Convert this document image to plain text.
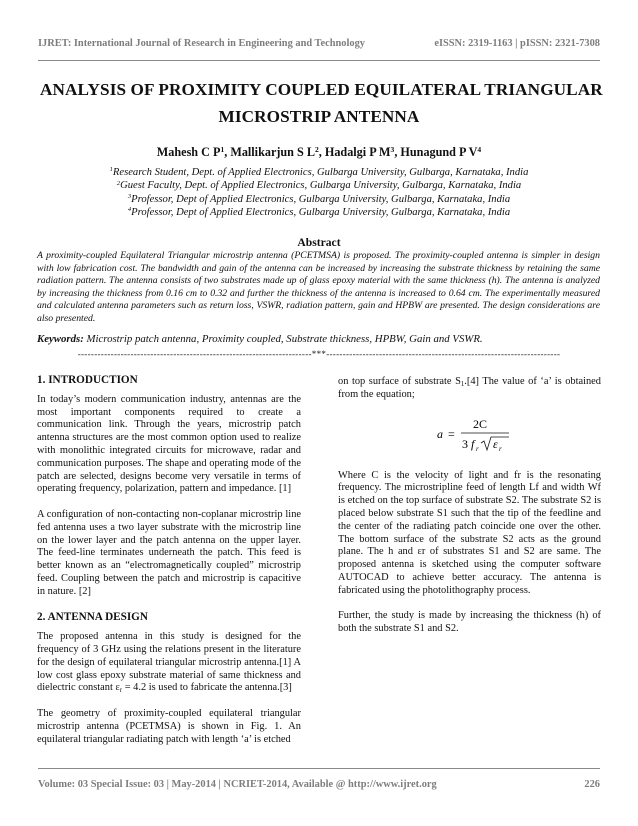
IJRET: International Journal of Research in Engineering and Technology	eISSN: 2319-1163 | pISSN: 2321-7308
ANALYSIS OF PROXIMITY COUPLED EQUILATERAL TRIANGULAR
MICROSTRIP ANTENNA
Mahesh C $P^1$, Mallikarjun S $L^2$, Hadalgi P $M^3$, Hunagund P $V^4$
$^1$Research Student, Dept. of Applied Electronics, Gulbarga University, Gulbarga, Karnataka, India
$^2$Guest Faculty, Dept. of Applied Electronics, Gulbarga University, Gulbarga, Karnataka, India
$^3$Professor, Dept of Applied Electronics, Gulbarga University, Gulbarga, Karnataka, India
$^4$Professor, Dept of Applied Electronics, Gulbarga University, Gulbarga, Karnataka, India
Abstract
A proximity-coupled Equilateral Triangular microstrip antenna (PCETMSA) is proposed. The proximity-coupled antenna is simpler in design with low fabrication cost. The bandwidth and gain of the antenna can be increased by increasing the substrate thickness by retaining the same radiation pattern. The antenna consists of two substrates made up of glass epoxy material with the same thickness (h). The antenna is analyzed by increasing the thickness from 0.16 cm to 0.32 and further the thickness of the antenna is increased to 0.64 cm. The experimentally measured and calculated antenna parameters such as return loss, VSWR, radiation pattern, gain and HPBW are presented. The design considerations are also presented.
Keywords: Microstrip patch antenna, Proximity coupled, Substrate thickness, HPBW, Gain and VSWR.
-----------------------------------------------------------------------***-----------------------------------------------------------------------
1. INTRODUCTION

In today’s modern communication industry, antennas are the most important components required to create a communication link. Through the years, microstrip patch antenna structures are the most common option used to realize with monolithic integrated circuits for microwave, radar and communication purposes. The shape and operating mode of the patch are selected, designs become very versatile in terms of operating frequency, polarization, pattern and impedance. [1]

A configuration of non-contacting non-coplanar microstrip line fed antenna uses a two layer substrate with the microstrip line on the lower layer and the patch antenna on the upper layer. The feed-line terminates underneath the patch. This feed is better known as an “electromagnetically coupled” microstrip feed. Coupling between the patch and microstrip is capacitive in nature. [2]

2. ANTENNA DESIGN

The proposed antenna in this study is designed for the frequency of 3 GHz using the relations present in the literature for the design of equilateral triangular microstrip antenna.[1] A low cost glass epoxy substrate material of same thickness and dielectric constant $\varepsilon_r = 4.2$ is used to fabricate the antenna.[3]

The geometry of proximity-coupled equilateral triangular microstrip antenna (PCETMSA) is shown in Fig. 1. An equilateral triangular radiating patch with length ‘a’ is etched

on top surface of substrate $S_1.[4]$ The value of ‘a’ is obtained from the equation;

a =
2C
3 f r ε r

Where C is the velocity of light and fr is the resonating frequency. The microstripline feed of length Lf and width Wf is etched on the top surface of substrate S2. The substrate S2 is placed below substrate S1 such that the tip of the feedline and the center of the radiating patch coincide one over the other. The bottom surface of the substrate S2 acts as the ground plane. The h and εr of substrates S1 and S2 are same. The proposed antenna is sketched using the computer software AUTOCAD to achieve better accuracy. The antenna is fabricated using the photolithography process.

Further, the study is made by increasing the thickness (h) of both the substrate S1 and S2.

Volume: 03 Special Issue: 03 | May-2014 | NCRIET-2014, Available @ http://www.ijret.org	226
